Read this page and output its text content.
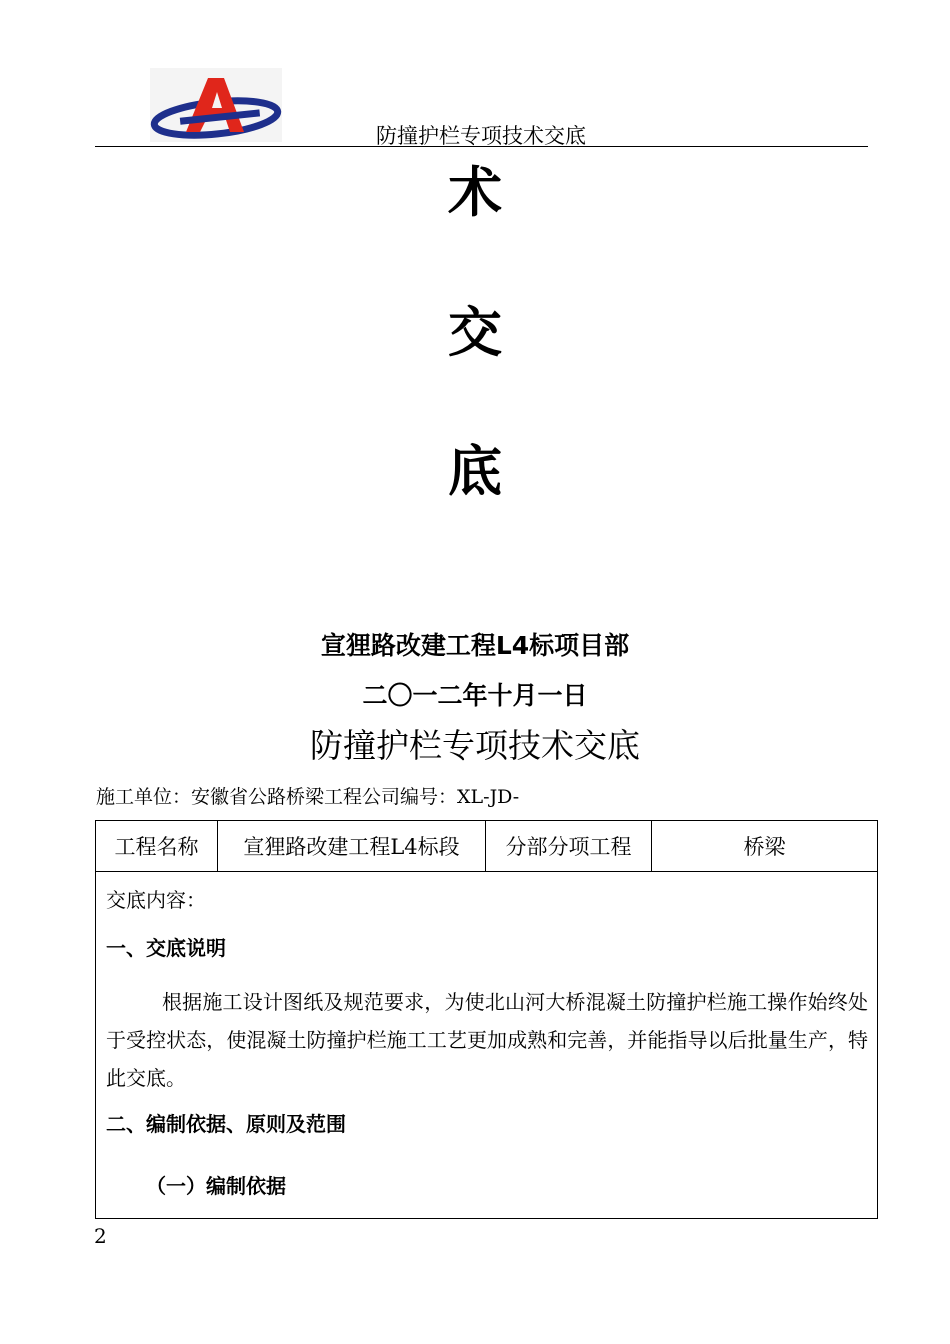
防撞护栏专项技术交底
术
交
底
宣狸路改建工程L4标项目部
二〇一二年十月一日
防撞护栏专项技术交底
施工单位：安徽省公路桥梁工程公司编号：XL-JD-
工程名称	宣狸路改建工程L4标段	分部分项工程	桥梁
交底内容：
一、交底说明
根据施工设计图纸及规范要求，为使北山河大桥混凝土防撞护栏施工操作始终处于受控状态，使混凝土防撞护栏施工工艺更加成熟和完善，并能指导以后批量生产，特此交底。
二、编制依据、原则及范围
（一）编制依据
2
